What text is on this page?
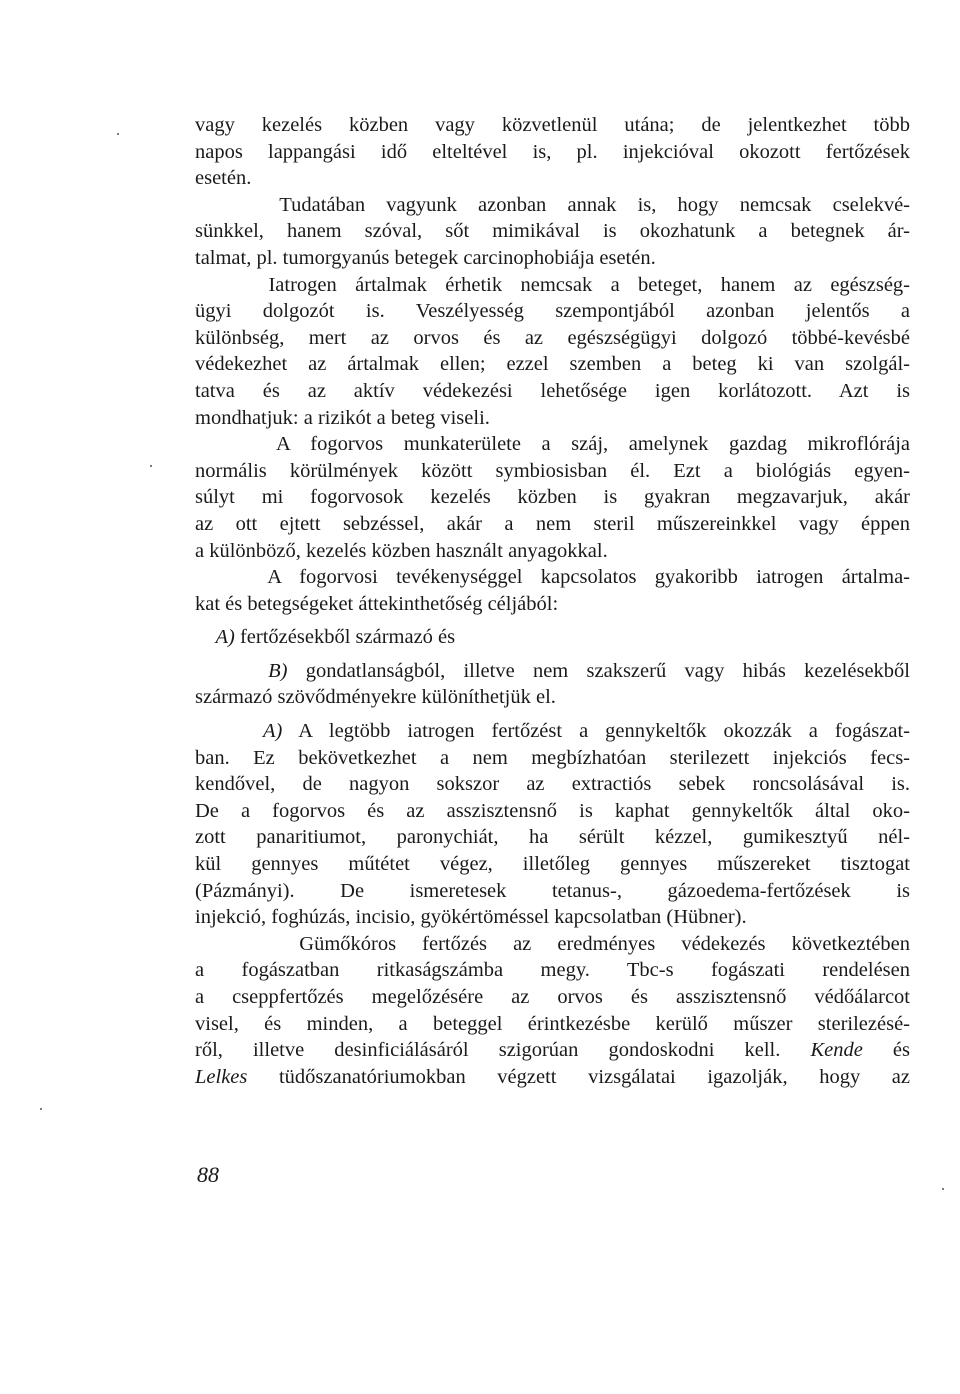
vagy kezelés közben vagy közvetlenül utána; de jelentkezhet több
napos lappangási idő elteltével is, pl. injekcióval okozott fertőzések
esetén.
Tudatában vagyunk azonban annak is, hogy nemcsak cselekvé-
sünkkel, hanem szóval, sőt mimikával is okozhatunk a betegnek ár-
talmat, pl. tumorgyanús betegek carcinophobiája esetén.
Iatrogen ártalmak érhetik nemcsak a beteget, hanem az egészség-
ügyi dolgozót is. Veszélyesség szempontjából azonban jelentős a
különbség, mert az orvos és az egészségügyi dolgozó többé-kevésbé
védekezhet az ártalmak ellen; ezzel szemben a beteg ki van szolgál-
tatva és az aktív védekezési lehetősége igen korlátozott. Azt is
mondhatjuk: a rizikót a beteg viseli.
A fogorvos munkaterülete a száj, amelynek gazdag mikroflórája
normális körülmények között symbiosisban él. Ezt a biológiás egyen-
súlyt mi fogorvosok kezelés közben is gyakran megzavarjuk, akár
az ott ejtett sebzéssel, akár a nem steril műszereinkkel vagy éppen
a különböző, kezelés közben használt anyagokkal.
A fogorvosi tevékenységgel kapcsolatos gyakoribb iatrogen ártalma-
kat és betegségeket áttekinthetőség céljából:
A) fertőzésekből származó és
B) gondatlanságból, illetve nem szakszerű vagy hibás kezelésekből
származó szövődményekre különíthetjük el.
A) A legtöbb iatrogen fertőzést a gennykeltők okozzák a fogászat-
ban. Ez bekövetkezhet a nem megbízhatóan sterilezett injekciós fecs-
kendővel, de nagyon sokszor az extractiós sebek roncsolásával is.
De a fogorvos és az asszisztensnő is kaphat gennykeltők által oko-
zott panaritiumot, paronychiát, ha sérült kézzel, gumikesztyű nél-
kül gennyes műtétet végez, illetőleg gennyes műszereket tisztogat
(Pázmányi). De ismeretesek tetanus-, gázoedema-fertőzések is
injekció, foghúzás, incisio, gyökértöméssel kapcsolatban (Hübner).
Gümőkóros fertőzés az eredményes védekezés következtében
a fogászatban ritkaságszámba megy. Tbc-s fogászati rendelésen
a cseppfertőzés megelőzésére az orvos és asszisztensnő védőálarcot
visel, és minden, a beteggel érintkezésbe kerülő műszer sterilezésé-
ről, illetve desinficiálásáról szigorúan gondoskodni kell. Kende és
Lelkes tüdőszanatóriumokban végzett vizsgálatai igazolják, hogy az
88
